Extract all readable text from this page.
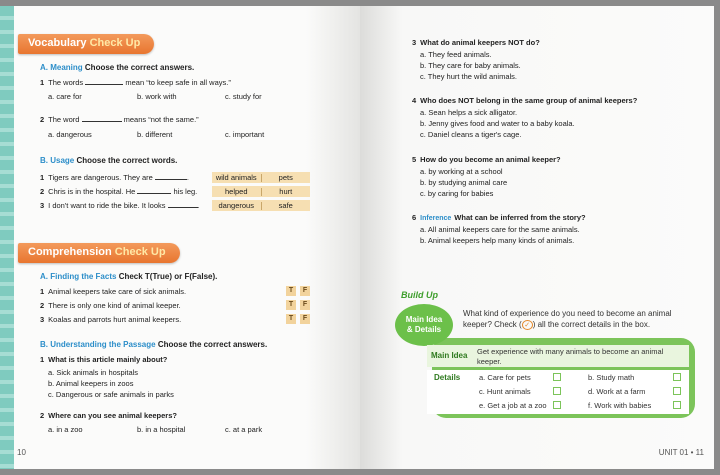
Vocabulary Check Up
A. Meaning Choose the correct answers.
1 The words	mean “to keep safe in all ways.”
a. care for	b. work with	c. study for
2 The word	means “not the same.”
a. dangerous	b. different	c. important
B. Usage Choose the correct words.
1 Tigers are dangerous. They are	.	wild animals	pets
2 Chris is in the hospital. He	his leg.	helped	hurt
3 I don't want to ride the bike. It looks	.	dangerous	safe
Comprehension Check Up
A. Finding the Facts Check T(True) or F(False).
1 Animal keepers take care of sick animals.	T	F
2 There is only one kind of animal keeper.	T	F
3 Koalas and parrots hurt animal keepers.	T	F
B. Understanding the Passage Choose the correct answers.
1 What is this article mainly about?
a. Sick animals in hospitals
b. Animal keepers in zoos
c. Dangerous or safe animals in parks
2 Where can you see animal keepers?
a. in a zoo	b. in a hospital	c. at a park
10	UNIT 01 • 11
3 What do animal keepers NOT do?
a. They feed animals.
b. They care for baby animals.
c. They hurt the wild animals.
4 Who does NOT belong in the same group of animal keepers?
a. Sean helps a sick alligator.
b. Jenny gives food and water to a baby koala.
c. Daniel cleans a tiger's cage.
5 How do you become an animal keeper?
a. by working at a school
b. by studying animal care
c. by caring for babies
6 Inference What can be inferred from the story?
a. All animal keepers care for the same animals.
b. Animal keepers help many kinds of animals.
Build Up
Main Idea
& Details
What kind of experience do you need to become an animal keeper? Check ( ✓ ) all the correct details in the box.
Main Idea Get experience with many animals to become an animal keeper.
Details	a. Care for pets	b. Study math
c. Hunt animals	d. Work at a farm
e. Get a job at a zoo	f. Work with babies
